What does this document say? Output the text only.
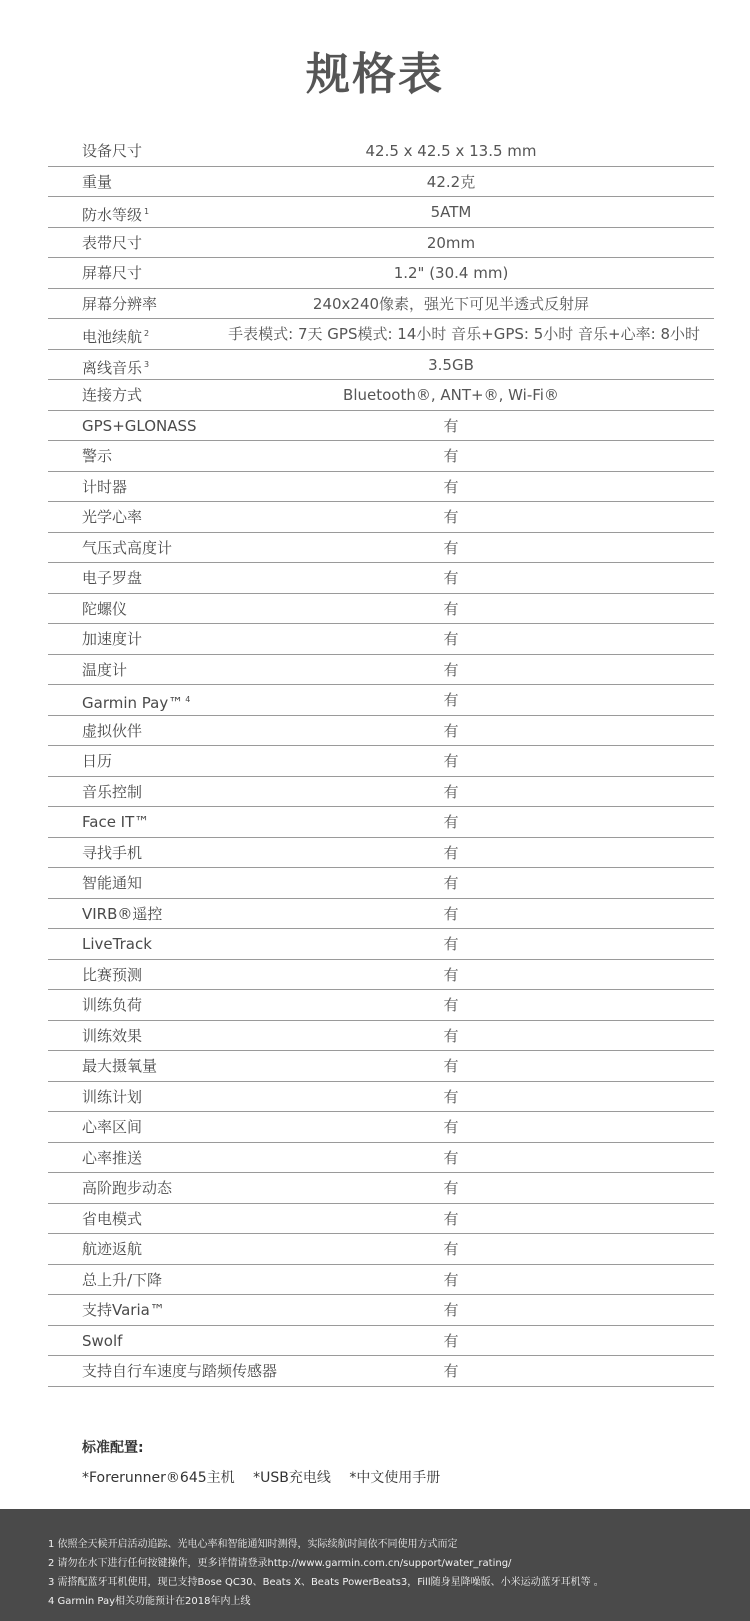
规格表
设备尺寸	42.5 x 42.5 x 13.5 mm
重量	42.2克
防水等级 $^1$	5ATM
表带尺寸	20mm
屏幕尺寸	1.2" (30.4 mm)
屏幕分辨率	240x240像素，强光下可见半透式反射屏
电池续航 $^2$	手表模式: 7天 GPS模式: 14小时 音乐+GPS: 5小时 音乐+心率: 8小时
离线音乐 $^3$	3.5GB
连接方式	Bluetooth®, ANT+®, Wi-Fi®
GPS+GLONASS	有
警示	有
计时器	有
光学心率	有
气压式高度计	有
电子罗盘	有
陀螺仪	有
加速度计	有
温度计	有
Garmin Pay™ $^4$	有
虚拟伙伴	有
日历	有
音乐控制	有
Face IT™	有
寻找手机	有
智能通知	有
VIRB®遥控	有
LiveTrack	有
比赛预测	有
训练负荷	有
训练效果	有
最大摄氧量	有
训练计划	有
心率区间	有
心率推送	有
高阶跑步动态	有
省电模式	有
航迹返航	有
总上升/下降	有
支持Varia™	有
Swolf	有
支持自行车速度与踏频传感器	有
标准配置:
*Forerunner®645主机 *USB充电线 *中文使用手册
1 依照全天候开启活动追踪、光电心率和智能通知时测得，实际续航时间依不同使用方式而定
2 请勿在水下进行任何按键操作，更多详情请登录http://www.garmin.com.cn/support/water_rating/
3 需搭配蓝牙耳机使用，现已支持Bose QC30、Beats X、Beats PowerBeats3，Fill随身星降噪版、小米运动蓝牙耳机等 。
4 Garmin Pay相关功能预计在2018年内上线
